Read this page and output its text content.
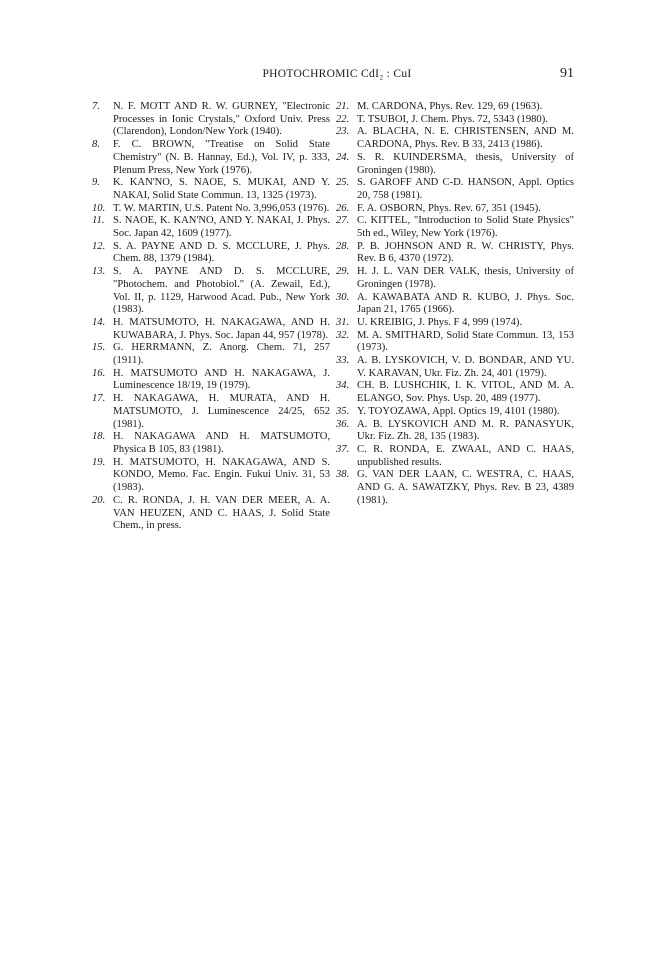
PHOTOCHROMIC CdI₂ : CuI	91

7.	N. F. MOTT AND R. W. GURNEY, "Electronic Processes in Ionic Crystals," Oxford Univ. Press (Clarendon), London/New York (1940).

8.	F. C. BROWN, "Treatise on Solid State Chemistry" (N. B. Hannay, Ed.), Vol. IV, p. 333, Plenum Press, New York (1976).

9.	K. KAN'NO, S. NAOE, S. MUKAI, AND Y. NAKAI, Solid State Commun. 13, 1325 (1973).

10. T. W. MARTIN, U.S. Patent No. 3,996,053 (1976).

11. S. NAOE, K. KAN'NO, AND Y. NAKAI, J. Phys. Soc. Japan 42, 1609 (1977).

12. S. A. PAYNE AND D. S. MCCLURE, J. Phys. Chem. 88, 1379 (1984).

13. S. A. PAYNE AND D. S. MCCLURE, "Photochem. and Photobiol." (A. Zewail, Ed.), Vol. II, p. 1129, Harwood Acad. Pub., New York (1983).

14. H. MATSUMOTO, H. NAKAGAWA, AND H. KUWABARA, J. Phys. Soc. Japan 44, 957 (1978).

15. G. HERRMANN, Z. Anorg. Chem. 71, 257 (1911).

16. H. MATSUMOTO AND H. NAKAGAWA, J. Luminescence 18/19, 19 (1979).

17. H. NAKAGAWA, H. MURATA, AND H. MATSUMOTO, J. Luminescence 24/25, 652 (1981).

18. H. NAKAGAWA AND H. MATSUMOTO, Physica B 105, 83 (1981).

19. H. MATSUMOTO, H. NAKAGAWA, AND S. KONDO, Memo. Fac. Engin. Fukui Univ. 31, 53 (1983).

20. C. R. RONDA, J. H. VAN DER MEER, A. A. VAN HEUZEN, AND C. HAAS, J. Solid State Chem., in press.

21. M. CARDONA, Phys. Rev. 129, 69 (1963).

22. T. TSUBOI, J. Chem. Phys. 72, 5343 (1980).

23. A. BLACHA, N. E. CHRISTENSEN, AND M. CARDONA, Phys. Rev. B 33, 2413 (1986).

24. S. R. KUINDERSMA, thesis, University of Groningen (1980).

25. S. GAROFF AND C-D. HANSON, Appl. Optics 20, 758 (1981).

26. F. A. OSBORN, Phys. Rev. 67, 351 (1945).

27. C. KITTEL, "Introduction to Solid State Physics" 5th ed., Wiley, New York (1976).

28. P. B. JOHNSON AND R. W. CHRISTY, Phys. Rev. B 6, 4370 (1972).

29. H. J. L. VAN DER VALK, thesis, University of Groningen (1978).

30. A. KAWABATA AND R. KUBO, J. Phys. Soc. Japan 21, 1765 (1966).

31. U. KREIBIG, J. Phys. F 4, 999 (1974).

32. M. A. SMITHARD, Solid State Commun. 13, 153 (1973).

33. A. B. LYSKOVICH, V. D. BONDAR, AND YU. V. KARAVAN, Ukr. Fiz. Zh. 24, 401 (1979).

34. CH. B. LUSHCHIK, I. K. VITOL, AND M. A. ELANGO, Sov. Phys. Usp. 20, 489 (1977).

35. Y. TOYOZAWA, Appl. Optics 19, 4101 (1980).

36. A. B. LYSKOVICH AND M. R. PANASYUK, Ukr. Fiz. Zh. 28, 135 (1983).

37. C. R. RONDA, E. ZWAAL, AND C. HAAS, unpublished results.

38. G. VAN DER LAAN, C. WESTRA, C. HAAS, AND G. A. SAWATZKY, Phys. Rev. B 23, 4389 (1981).
